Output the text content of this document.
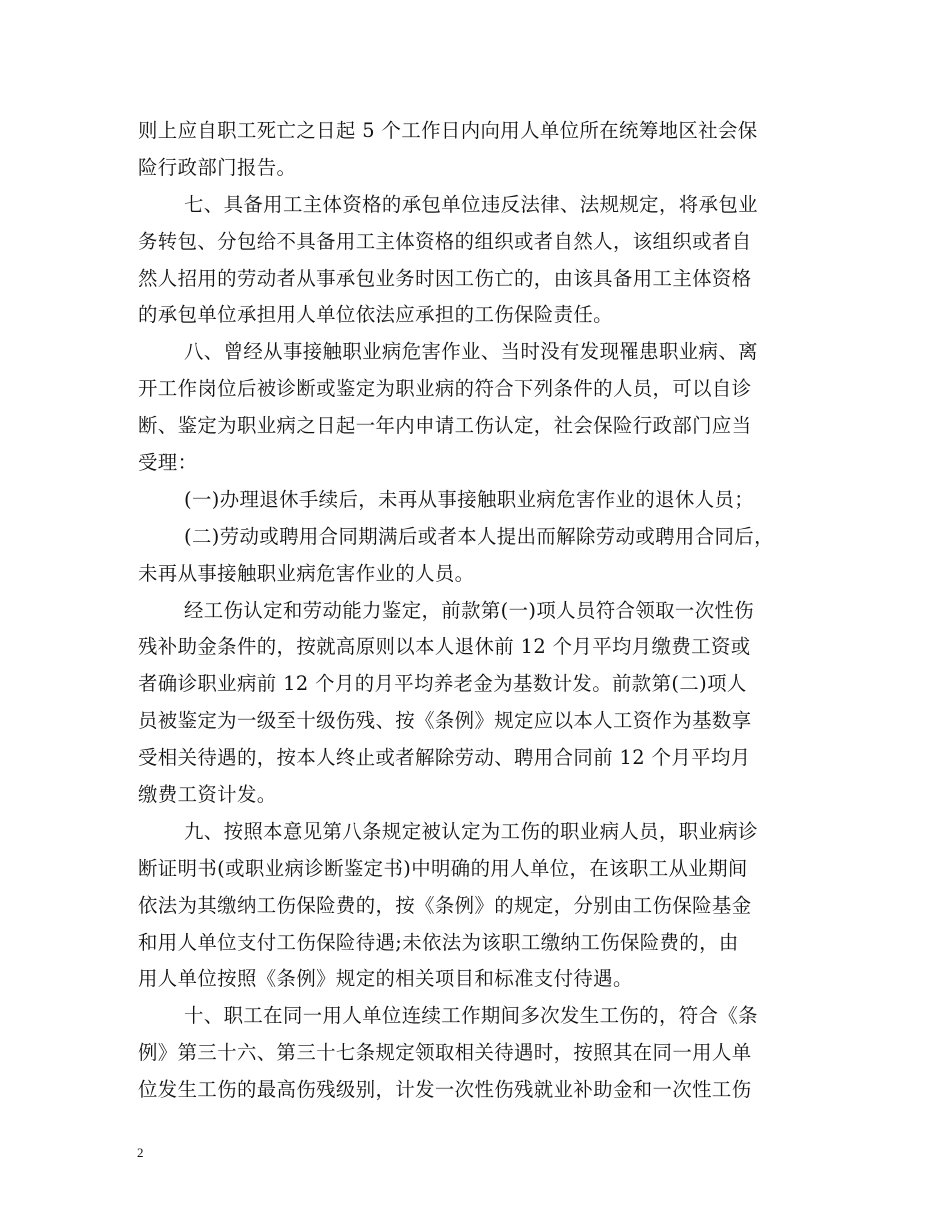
则上应自职工死亡之日起 5 个工作日内向用人单位所在统筹地区社会保
险行政部门报告。
七、具备用工主体资格的承包单位违反法律、法规规定，将承包业
务转包、分包给不具备用工主体资格的组织或者自然人，该组织或者自
然人招用的劳动者从事承包业务时因工伤亡的，由该具备用工主体资格
的承包单位承担用人单位依法应承担的工伤保险责任。
八、曾经从事接触职业病危害作业、当时没有发现罹患职业病、离
开工作岗位后被诊断或鉴定为职业病的符合下列条件的人员，可以自诊
断、鉴定为职业病之日起一年内申请工伤认定，社会保险行政部门应当
受理：
(一)办理退休手续后，未再从事接触职业病危害作业的退休人员；
(二)劳动或聘用合同期满后或者本人提出而解除劳动或聘用合同后，
未再从事接触职业病危害作业的人员。
经工伤认定和劳动能力鉴定，前款第(一)项人员符合领取一次性伤
残补助金条件的，按就高原则以本人退休前 12 个月平均月缴费工资或
者确诊职业病前 12 个月的月平均养老金为基数计发。前款第(二)项人
员被鉴定为一级至十级伤残、按《条例》规定应以本人工资作为基数享
受相关待遇的，按本人终止或者解除劳动、聘用合同前 12 个月平均月
缴费工资计发。
九、按照本意见第八条规定被认定为工伤的职业病人员，职业病诊
断证明书(或职业病诊断鉴定书)中明确的用人单位，在该职工从业期间
依法为其缴纳工伤保险费的，按《条例》的规定，分别由工伤保险基金
和用人单位支付工伤保险待遇;未依法为该职工缴纳工伤保险费的，由
用人单位按照《条例》规定的相关项目和标准支付待遇。
十、职工在同一用人单位连续工作期间多次发生工伤的，符合《条
例》第三十六、第三十七条规定领取相关待遇时，按照其在同一用人单
位发生工伤的最高伤残级别，计发一次性伤残就业补助金和一次性工伤
2
